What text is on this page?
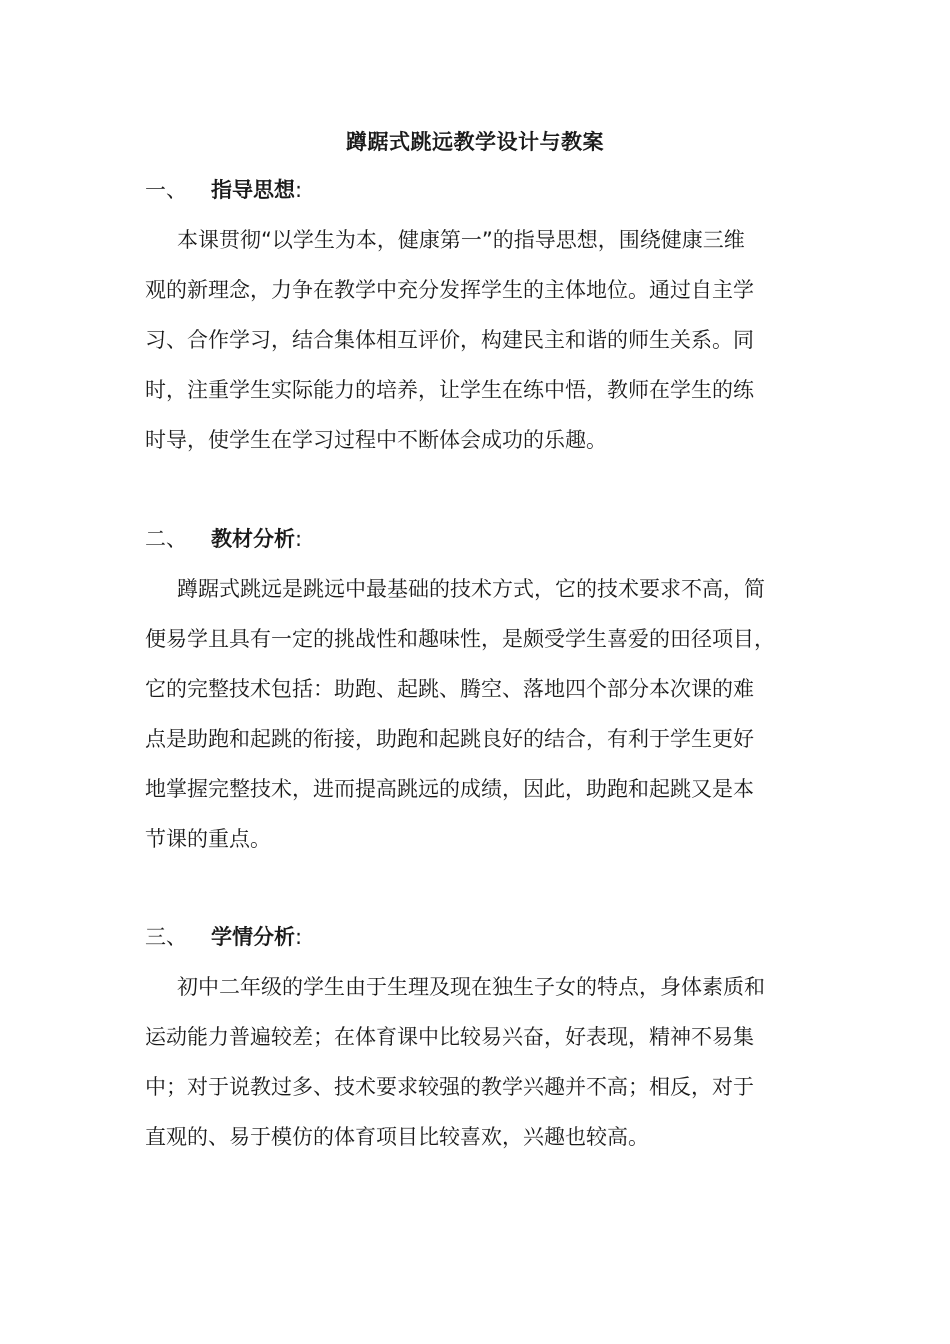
蹲踞式跳远教学设计与教案
一、 指导思想:
本课贯彻“以学生为本，健康第一”的指导思想，围绕健康三维
观的新理念，力争在教学中充分发挥学生的主体地位。通过自主学
习、合作学习，结合集体相互评价，构建民主和谐的师生关系。同
时，注重学生实际能力的培养，让学生在练中悟，教师在学生的练
时导，使学生在学习过程中不断体会成功的乐趣。
二、 教材分析:
蹲踞式跳远是跳远中最基础的技术方式，它的技术要求不高，简
便易学且具有一定的挑战性和趣味性，是颇受学生喜爱的田径项目，
它的完整技术包括：助跑、起跳、腾空、落地四个部分本次课的难
点是助跑和起跳的衔接，助跑和起跳良好的结合，有利于学生更好
地掌握完整技术，进而提高跳远的成绩，因此，助跑和起跳又是本
节课的重点。
三、 学情分析:
初中二年级的学生由于生理及现在独生子女的特点，身体素质和
运动能力普遍较差；在体育课中比较易兴奋，好表现，精神不易集
中；对于说教过多、技术要求较强的教学兴趣并不高；相反，对于
直观的、易于模仿的体育项目比较喜欢，兴趣也较高。
